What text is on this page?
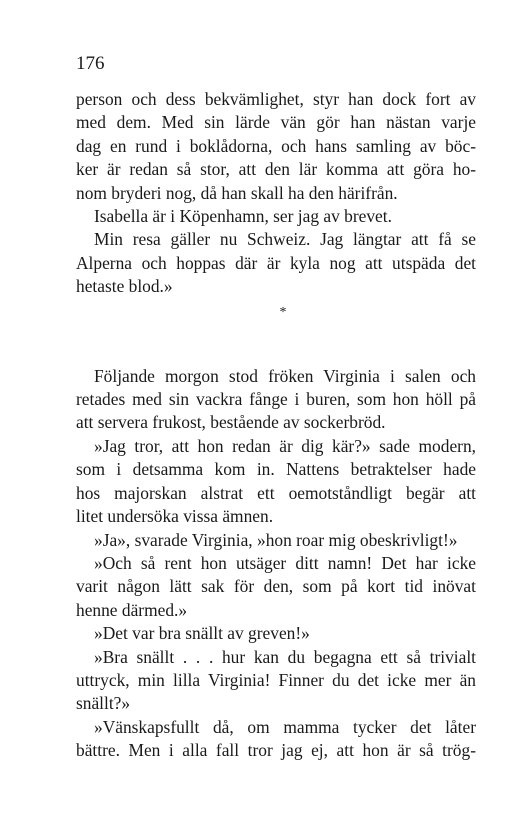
176
person och dess bekvämlighet, styr han dock fort av
med dem. Med sin lärde vän gör han nästan varje
dag en rund i boklådorna, och hans samling av böc-
ker är redan så stor, att den lär komma att göra ho-
nom bryderi nog, då han skall ha den härifrån.
Isabella är i Köpenhamn, ser jag av brevet.
Min resa gäller nu Schweiz. Jag längtar att få se
Alperna och hoppas där är kyla nog att utspäda det
hetaste blod.»
*
Följande morgon stod fröken Virginia i salen och
retades med sin vackra fånge i buren, som hon höll på
att servera frukost, bestående av sockerbröd.
»Jag tror, att hon redan är dig kär?» sade modern,
som i detsamma kom in. Nattens betraktelser hade
hos majorskan alstrat ett oemotståndligt begär att
litet undersöka vissa ämnen.
»Ja», svarade Virginia, »hon roar mig obeskrivligt!»
»Och så rent hon utsäger ditt namn! Det har icke
varit någon lätt sak för den, som på kort tid inövat
henne därmed.»
»Det var bra snällt av greven!»
»Bra snällt . . . hur kan du begagna ett så trivialt
uttryck, min lilla Virginia! Finner du det icke mer än
snällt?»
»Vänskapsfullt då, om mamma tycker det låter
bättre. Men i alla fall tror jag ej, att hon är så trög-
